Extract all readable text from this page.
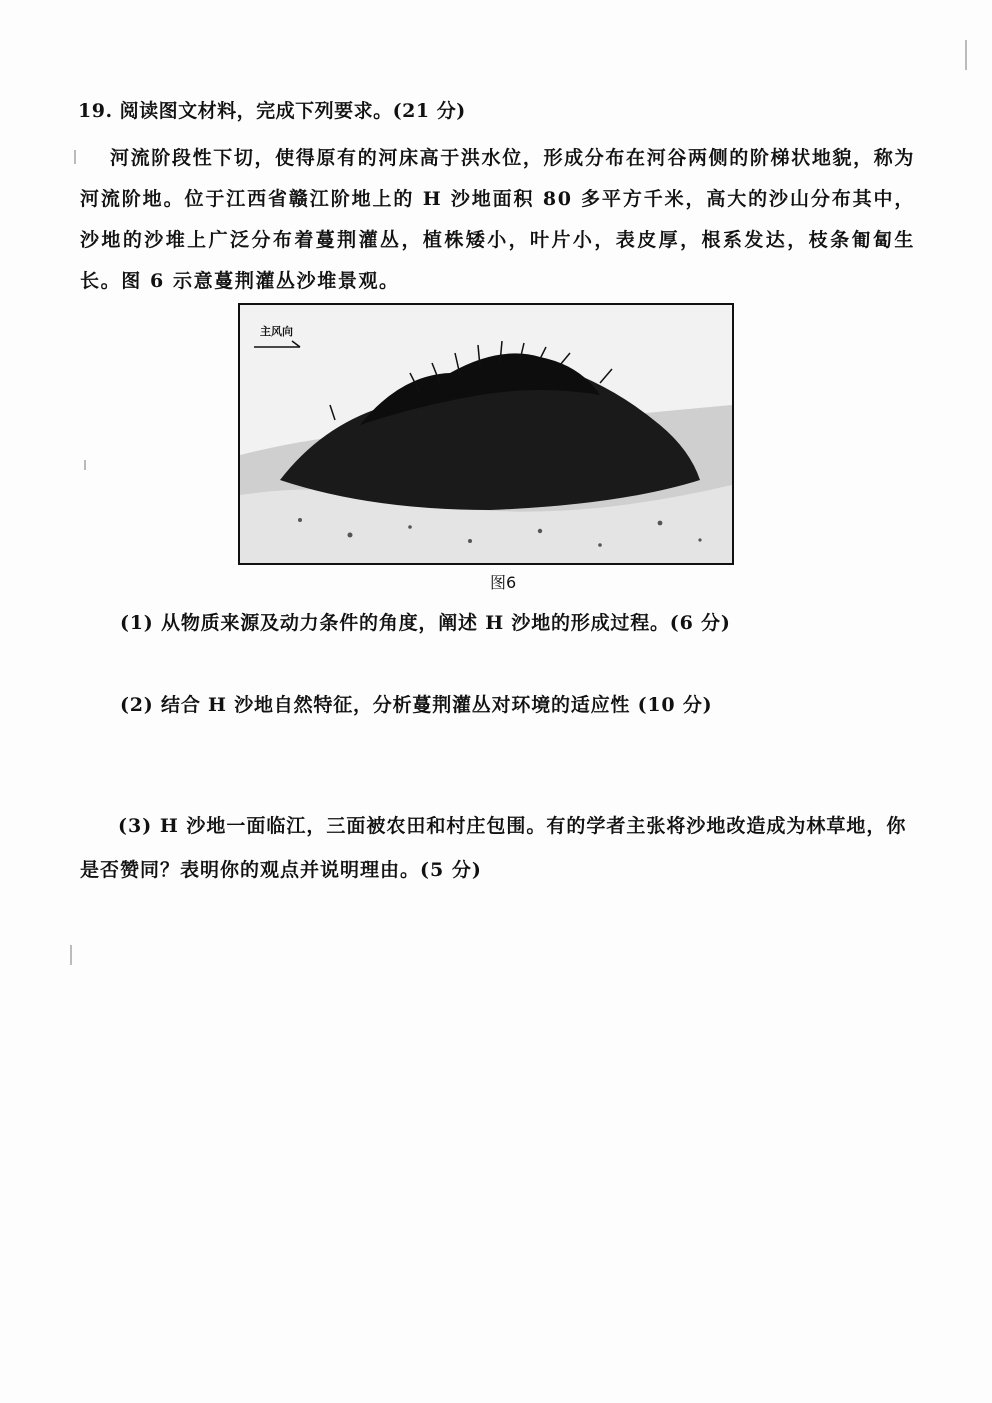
19. 阅读图文材料，完成下列要求。(21 分)
河流阶段性下切，使得原有的河床高于洪水位，形成分布在河谷两侧的阶梯状地貌，称为河流阶地。位于江西省赣江阶地上的 H 沙地面积 80 多平方千米，高大的沙山分布其中，沙地的沙堆上广泛分布着蔓荆灌丛，植株矮小，叶片小，表皮厚，根系发达，枝条匍匐生长。图 6 示意蔓荆灌丛沙堆景观。
主风向
图6
(1) 从物质来源及动力条件的角度，阐述 H 沙地的形成过程。(6 分)
(2) 结合 H 沙地自然特征，分析蔓荆灌丛对环境的适应性 (10 分)
(3) H 沙地一面临江，三面被农田和村庄包围。有的学者主张将沙地改造成为林草地，你是否赞同？表明你的观点并说明理由。(5 分)
